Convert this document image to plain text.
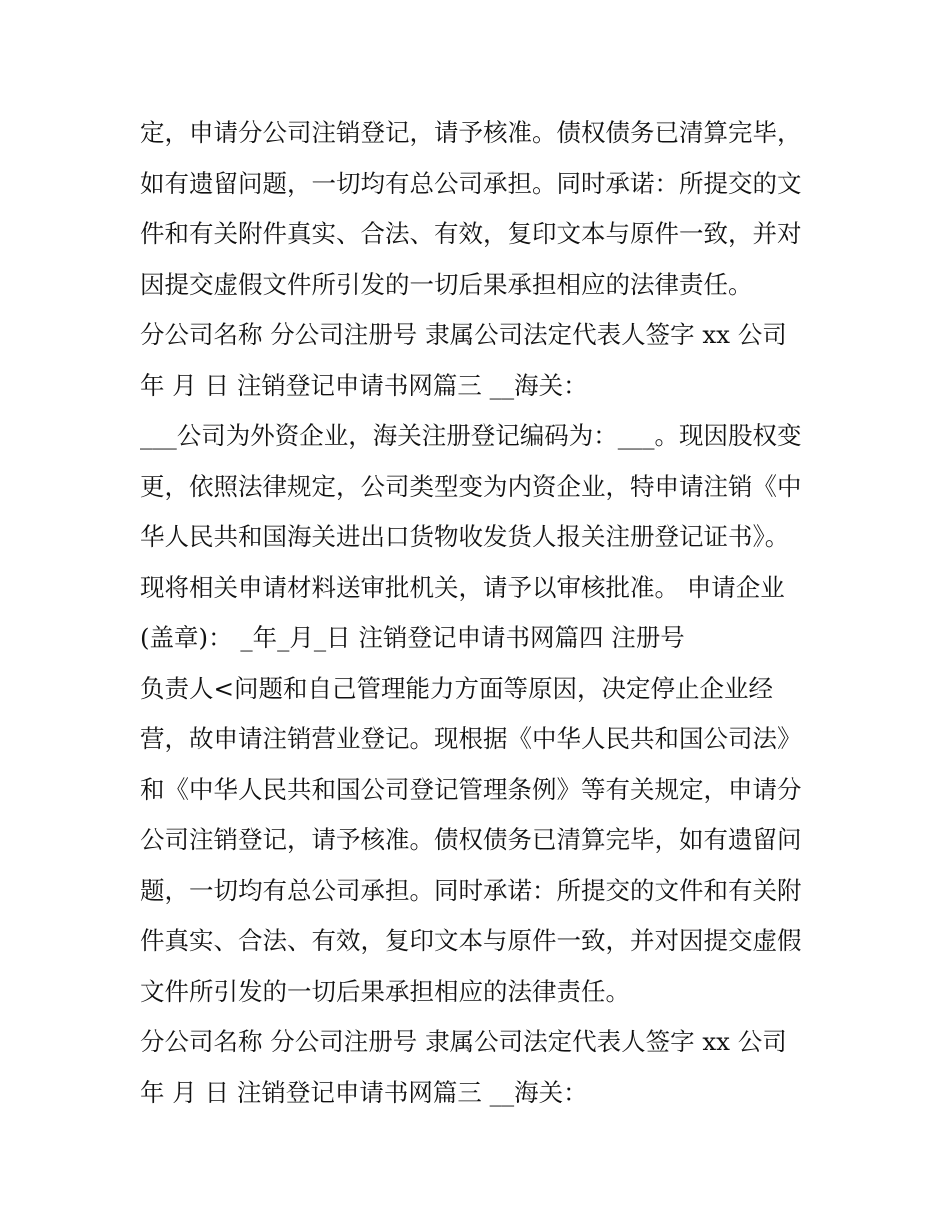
定，申请分公司注销登记，请予核准。债权债务已清算完毕，
如有遗留问题，一切均有总公司承担。同时承诺：所提交的文
件和有关附件真实、合法、有效，复印文本与原件一致，并对
因提交虚假文件所引发的一切后果承担相应的法律责任。
分公司名称 分公司注册号 隶属公司法定代表人签字 xx 公司
年 月 日 注销登记申请书网篇三 __海关：
___公司为外资企业，海关注册登记编码为：___。现因股权变
更，依照法律规定，公司类型变为内资企业，特申请注销《中
华人民共和国海关进出口货物收发货人报关注册登记证书》。
现将相关申请材料送审批机关，请予以审核批准。 申请企业
(盖章)： _年_月_日 注销登记申请书网篇四 注册号
负责人<问题和自己管理能力方面等原因，决定停止企业经
营，故申请注销营业登记。现根据《中华人民共和国公司法》
和《中华人民共和国公司登记管理条例》等有关规定，申请分
公司注销登记，请予核准。债权债务已清算完毕，如有遗留问
题，一切均有总公司承担。同时承诺：所提交的文件和有关附
件真实、合法、有效，复印文本与原件一致，并对因提交虚假
文件所引发的一切后果承担相应的法律责任。
分公司名称 分公司注册号 隶属公司法定代表人签字 xx 公司
年 月 日 注销登记申请书网篇三 __海关：
